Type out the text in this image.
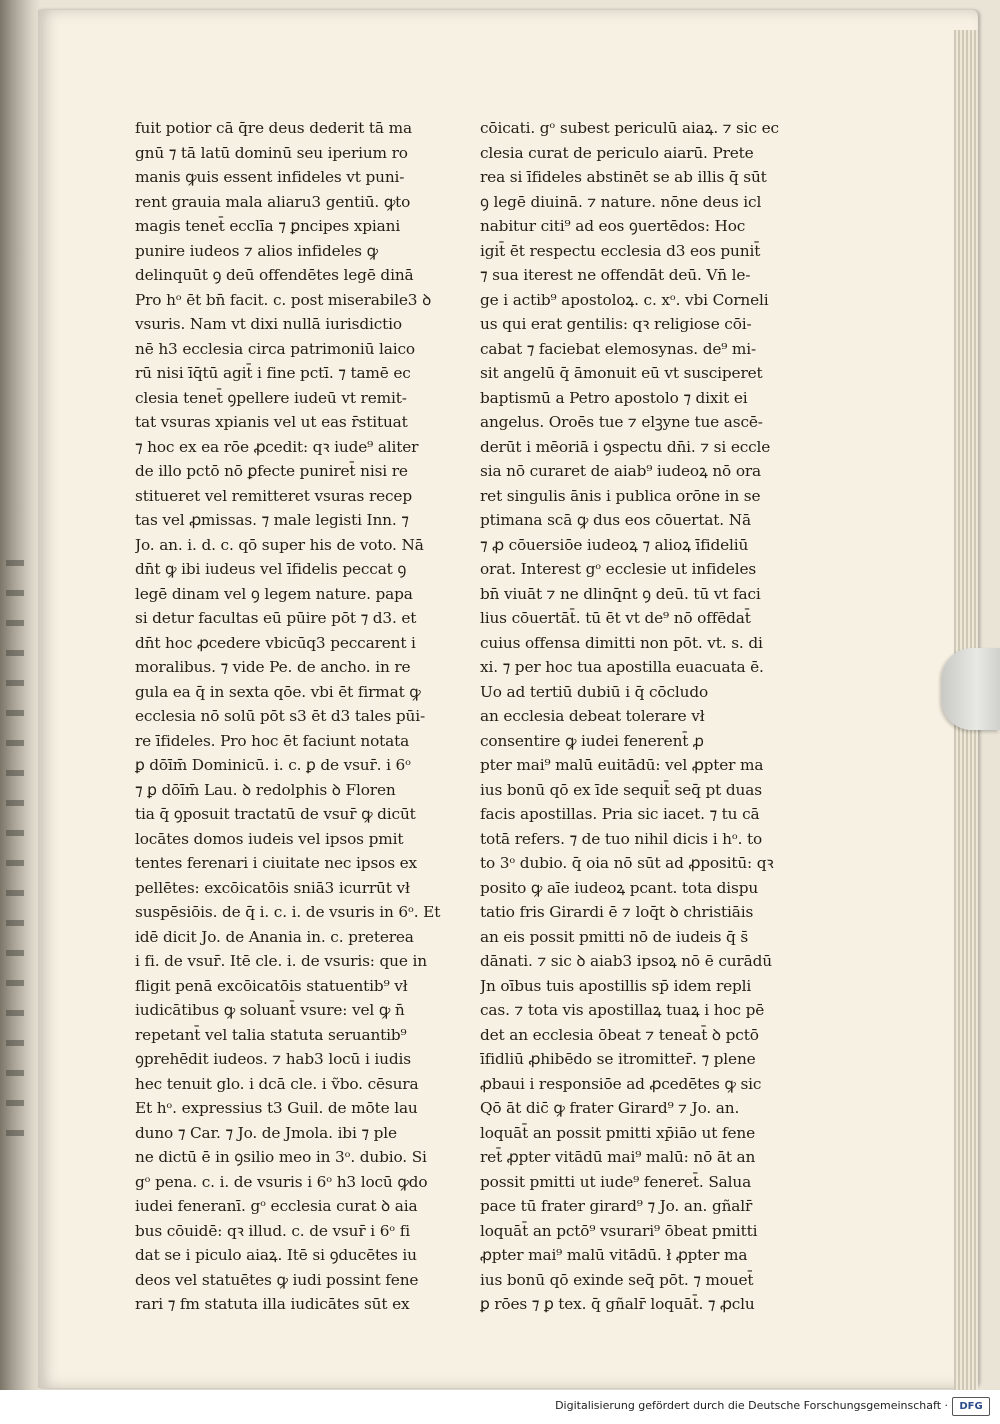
fuit potior cā q̄re deus dederit tā ma
gnū ⁊ tā latū dominū seu iperium ro
manis ꝙuis essent infideles vt puni-
rent grauia mala aliaru3 gentiū. ꝙto
magis tenet̄ ecclīa ⁊ ꝑncipes xpiani
punire iudeos ⁊ alios infideles ꝙ
delinquūt ꝯ deū offendētes legē dinā
Pro hᵒ ēt bn̄ facit. c. post miserabile3 ꝺ
vsuris. Nam vt dixi nullā iurisdictio
nē h3 ecclesia circa patrimoniū laico
rū nisi īq̄tū agit̄ i fine pctī. ⁊ tamē ec
clesia tenet̄ ꝯpellere iudeū vt remit-
tat vsuras xpianis vel ut eas r̄stituat
⁊ hoc ex ea rōe ꝓcedit: qꝛ iude⁹ aliter
de illo pctō nō ꝑfecte puniret̄ nisi re
stitueret vel remitteret vsuras recep
tas vel ꝓmissas. ⁊ male legisti Inn. ⁊
Jo. an. i. d. c. qō super his de voto. Nā
dn̄t ꝙ ibi iudeus vel īfidelis peccat ꝯ
legē dinam vel ꝯ legem nature. papa
si detur facultas eū pūire pōt ⁊ d3. et
dn̄t hoc ꝓcedere vbicūq3 peccarent i
moralibus. ⁊ vide Pe. de ancho. in re
gula ea q̄ in sexta qōe. vbi ēt firmat ꝙ
ecclesia nō solū pōt s3 ēt d3 tales pūi-
re īfideles. Pro hoc ēt faciunt notata
ꝑ dōīm̄ Dominicū. i. c. ꝑ de vsur̄. i 6ᵒ
⁊ ꝑ dōīm̄ Lau. ꝺ redolphis ꝺ Floren
tia q̄ ꝯposuit tractatū de vsur̄ ꝙ dicūt
locātes domos iudeis vel ipsos pmit
tentes ferenari i ciuitate nec ipsos ex
pellētes: excōicatōis sniā3 icurrūt vł
suspēsiōis. de q̄ i. c. i. de vsuris in 6ᵒ. Et
idē dicit Jo. de Anania in. c. preterea
i fi. de vsur̄. Itē cle. i. de vsuris: que in
fligit penā excōicatōis statuentib⁹ vł
iudicātibus ꝙ soluant̄ vsure: vel ꝙ n̄
repetant̄ vel talia statuta seruantib⁹
ꝯprehēdit iudeos. ⁊ hab3 locū i iudis
hec tenuit glo. i dcā cle. i ṽbo. cēsura
Et hᵒ. expressius t3 Guil. de mōte lau
duno ⁊ Car. ⁊ Jo. de Jmola. ibi ⁊ ple
ne dictū ē in ꝯsilio meo in 3ᵒ. dubio. Si
gᵒ pena. c. i. de vsuris i 6ᵒ h3 locū ꝙdo
iudei feneranī. gᵒ ecclesia curat ꝺ aia
bus cōuidē: qꝛ illud. c. de vsur̄ i 6ᵒ fi
dat se i piculo aiaꝝ. Itē si ꝯducētes iu
deos vel statuētes ꝙ iudi possint fene
rari ⁊ fm statuta illa iudicātes sūt ex
cōicati. gᵒ subest periculū aiaꝝ. ⁊ sic ec
clesia curat de periculo aiarū. Prete
rea si īfideles abstinēt se ab illis q̄ sūt
ꝯ legē diuinā. ⁊ nature. nōne deus icl
nabitur citi⁹ ad eos ꝯuertēdos: Hoc
igit̄ ēt respectu ecclesia d3 eos punit̄
⁊ sua iterest ne offendāt deū. Vn̄ le-
ge i actib⁹ apostoloꝝ. c. xᵒ. vbi Corneli
us qui erat gentilis: qꝛ religiose cōi-
cabat ⁊ faciebat elemosynas. de⁹ mi-
sit angelū q̄ āmonuit eū vt susciperet
baptismū a Petro apostolo ⁊ dixit ei
angelus. Oroēs tue ⁊ elꝫyne tue ascē-
derūt i mēoriā i ꝯspectu dn̄i. ⁊ si eccle
sia nō curaret de aiab⁹ iudeoꝝ nō ora
ret singulis ānis i publica orōne in se
ptimana scā ꝙ dus eos cōuertat. Nā
⁊ ꝓ cōuersiōe iudeoꝝ ⁊ alioꝝ īfideliū
orat. Interest gᵒ ecclesie ut infideles
bn̄ viuāt ⁊ ne dlinq̄nt ꝯ deū. tū vt faci
lius cōuertāt̄. tū ēt vt de⁹ nō offēdat̄
cuius offensa dimitti non pōt. vt. s. di
xi. ⁊ per hoc tua apostilla euacuata ē.
Uo ad tertiū dubiū i q̄ cōcludo
an ecclesia debeat tolerare vł
consentire ꝙ iudei fenerent̄ ꝓ
pter mai⁹ malū euitādū: vel ꝓpter ma
ius bonū qō ex īde sequit̄ seq̄ pt duas
facis apostillas. Pria sic iacet. ⁊ tu cā
totā refers. ⁊ de tuo nihil dicis i hᵒ. to
to 3ᵒ dubio. q̄ oia nō sūt ad ꝓpositū: qꝛ
posito ꝙ aīe iudeoꝝ pcant. tota dispu
tatio fris Girardi ē ⁊ loq̄t ꝺ christiāis
an eis possit pmitti nō de iudeis q̄ s̄
dānati. ⁊ sic ꝺ aiab3 ipsoꝝ nō ē curādū
Jn oībus tuis apostillis sp̄ idem repli
cas. ⁊ tota vis apostillaꝝ tuaꝝ i hoc pē
det an ecclesia ōbeat ⁊ teneat̄ ꝺ pctō
īfidliū ꝓhibēdo se itromitter̄. ⁊ plene
ꝓbaui i responsiōe ad ꝓcedētes ꝙ sic
Qō āt dic̄ ꝙ frater Girard⁹ ⁊ Jo. an.
loquāt̄ an possit pmitti xp̄iāo ut fene
ret̄ ꝓpter vitādū mai⁹ malū: nō āt an
possit pmitti ut iude⁹ feneret̄. Salua
pace tū frater girard⁹ ⁊ Jo. an. gñalr̄
loquāt̄ an pctō⁹ vsurari⁹ ōbeat pmitti
ꝓpter mai⁹ malū vitādū. ł ꝓpter ma
ius bonū qō exinde seq̄ pōt. ⁊ mouet̄
ꝑ rōes ⁊ ꝑ tex. q̄ gñalr̄ loquāt̄. ⁊ ꝓclu
Digitalisierung gefördert durch die Deutsche Forschungsgemeinschaft ·	DFG
